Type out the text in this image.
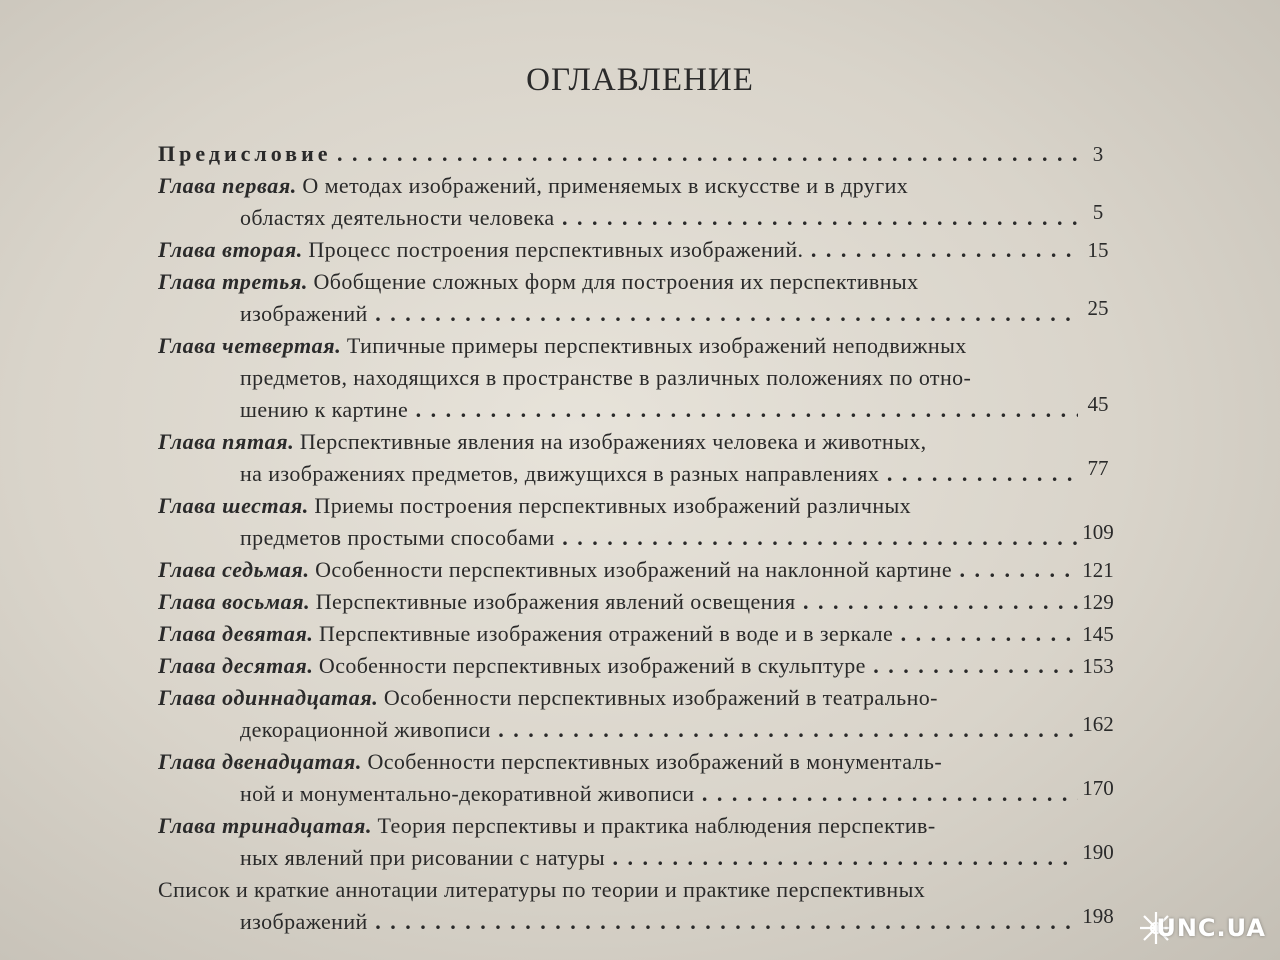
ОГЛАВЛЕНИЕ
Предисловие . . .	3
Глава первая. О методах изображений, применяемых в искусстве и в других
областях деятельности человека . . .	5
Глава вторая. Процесс построения перспективных изображений. . . .	15
Глава третья. Обобщение сложных форм для построения их перспективных
изображений . . .	25
Глава четвертая. Типичные примеры перспективных изображений неподвижных
предметов, находящихся в пространстве в различных положениях по отно-
шению к картине . . .	45
Глава пятая. Перспективные явления на изображениях человека и животных,
на изображениях предметов, движущихся в разных направлениях . . .	77
Глава шестая. Приемы построения перспективных изображений различных
предметов простыми способами . . .	109
Глава седьмая. Особенности перспективных изображений на наклонной картине . . .	121
Глава восьмая. Перспективные изображения явлений освещения . . .	129
Глава девятая. Перспективные изображения отражений в воде и в зеркале . . .	145
Глава десятая. Особенности перспективных изображений в скульптуре . . .	153
Глава одиннадцатая. Особенности перспективных изображений в театрально-
декорационной живописи . . .	162
Глава двенадцатая. Особенности перспективных изображений в монументаль-
ной и монументально-декоративной живописи . . .	170
Глава тринадцатая. Теория перспективы и практика наблюдения перспектив-
ных явлений при рисовании с натуры . . .	190
Список и краткие аннотации литературы по теории и практике перспективных
изображений . . .	198	UNC.UA
